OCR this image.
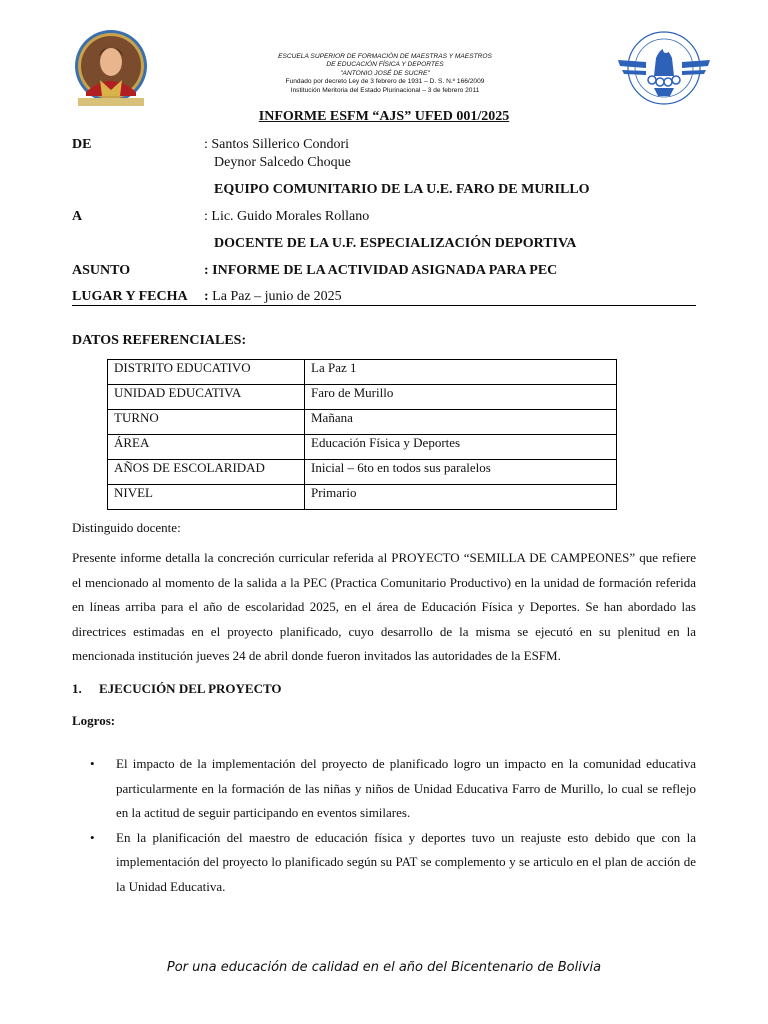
ESCUELA SUPERIOR DE FORMACIÓN DE MAESTRAS Y MAESTROS
DE EDUCACIÓN FÍSICA Y DEPORTES
"ANTONIO JOSÉ DE SUCRE"
Fundado por decreto Ley de 3 febrero de 1931 – D. S. N.º 166/2009
Institución Meritoria del Estado Plurinacional – 3 de febrero 2011
INFORME ESFM “AJS” UFED 001/2025
DE	: Santos Sillerico Condori
Deynor Salcedo Choque
EQUIPO COMUNITARIO DE LA U.E. FARO DE MURILLO
A	: Lic. Guido Morales Rollano
DOCENTE DE LA U.F. ESPECIALIZACIÓN DEPORTIVA
ASUNTO	: INFORME DE LA ACTIVIDAD ASIGNADA PARA PEC
LUGAR Y FECHA : La Paz – junio de 2025
DATOS REFERENCIALES:
DISTRITO EDUCATIVO	La Paz 1
UNIDAD EDUCATIVA	Faro de Murillo
TURNO	Mañana
ÁREA	Educación Física y Deportes
AÑOS DE ESCOLARIDAD	Inicial – 6to en todos sus paralelos
NIVEL	Primario
Distinguido docente:
Presente informe detalla la concreción curricular referida al PROYECTO “SEMILLA DE CAMPEONES” que refiere el mencionado al momento de la salida a la PEC (Practica Comunitario Productivo) en la unidad de formación referida en líneas arriba para el año de escolaridad 2025, en el área de Educación Física y Deportes. Se han abordado las directrices estimadas en el proyecto planificado, cuyo desarrollo de la misma se ejecutó en su plenitud en la mencionada institución jueves 24 de abril donde fueron invitados las autoridades de la ESFM.
1. EJECUCIÓN DEL PROYECTO
Logros:
• El impacto de la implementación del proyecto de planificado logro un impacto en la comunidad educativa particularmente en la formación de las niñas y niños de Unidad Educativa Farro de Murillo, lo cual se reflejo en la actitud de seguir participando en eventos similares.
• En la planificación del maestro de educación física y deportes tuvo un reajuste esto debido que con la implementación del proyecto lo planificado según su PAT se complemento y se articulo en el plan de acción de la Unidad Educativa.
Por una educación de calidad en el año del Bicentenario de Bolivia
